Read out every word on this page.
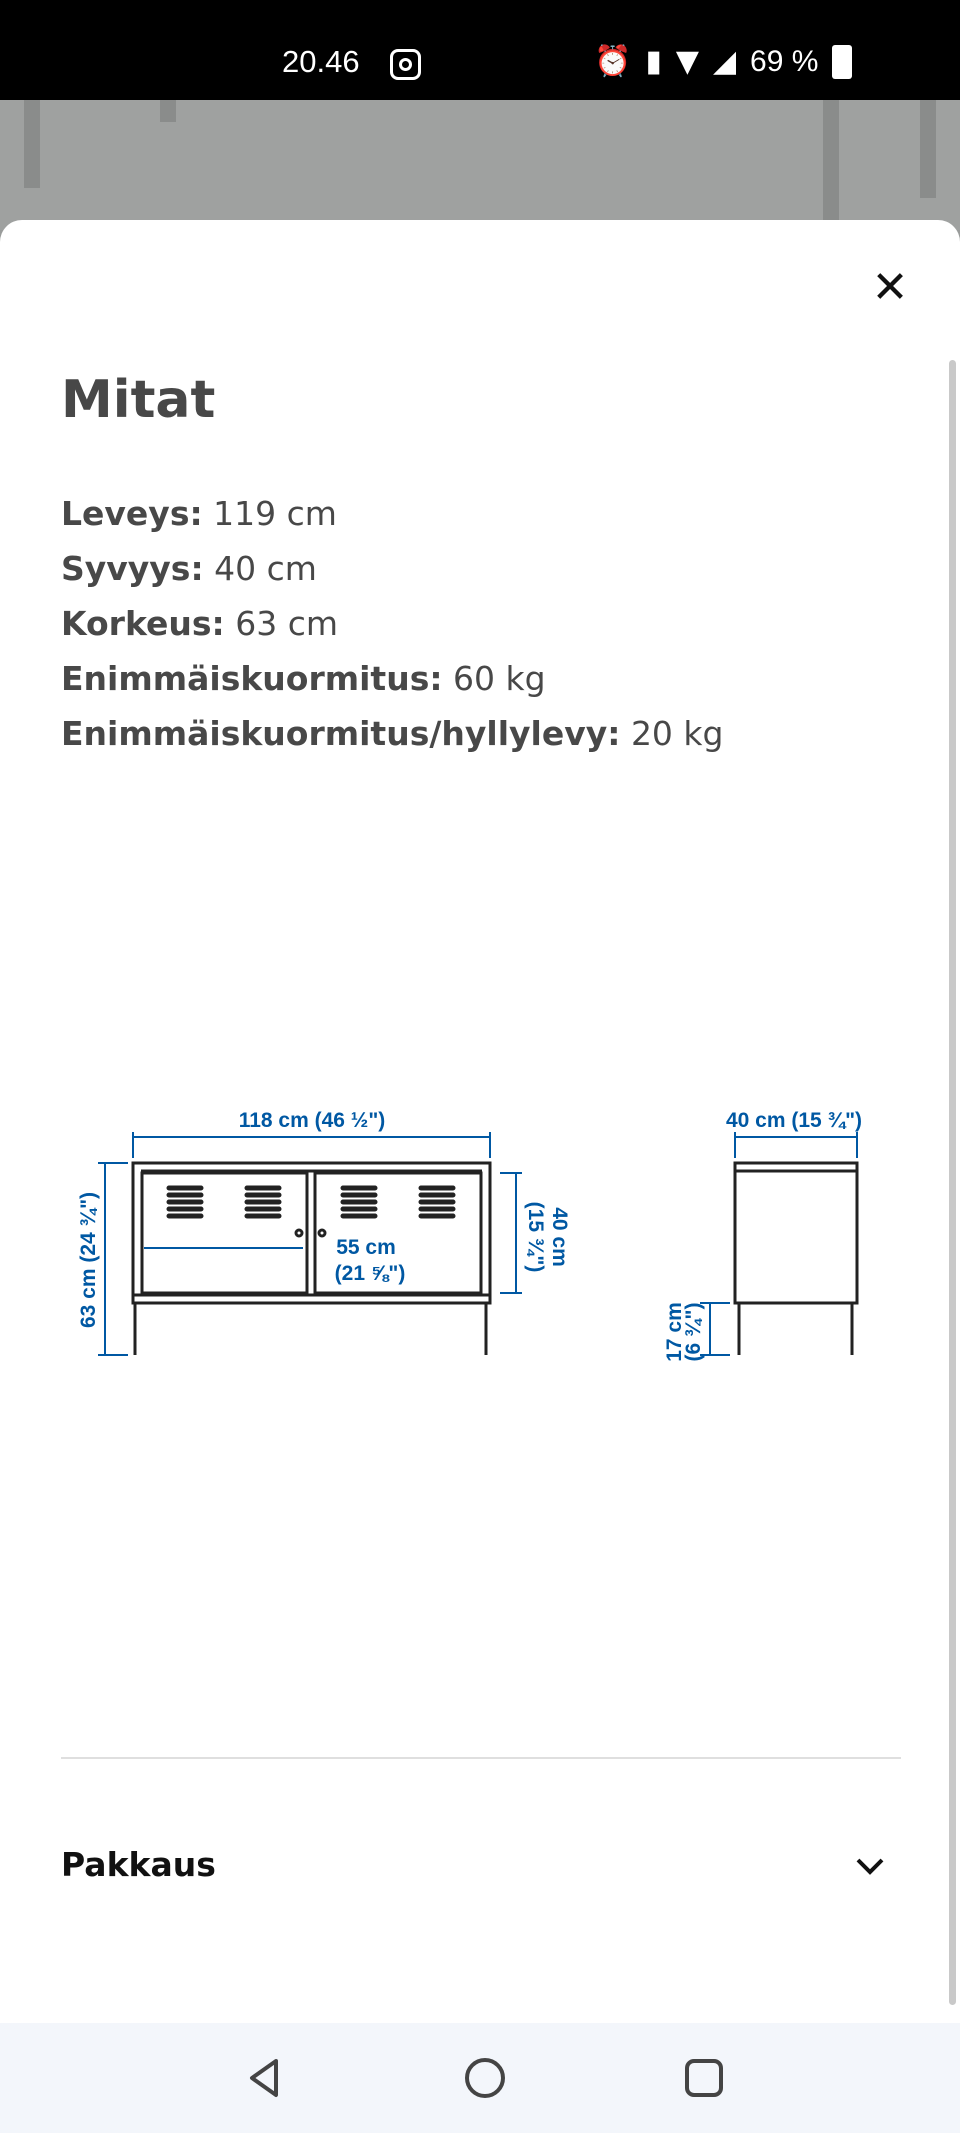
20.46	⏰ ▮ ▼ ◢ 69 %
✕
Mitat
Leveys: 119 cm
Syvyys: 40 cm
Korkeus: 63 cm
Enimmäiskuormitus: 60 kg
Enimmäiskuormitus/hyllylevy: 20 kg
118 cm (46 ½")
63 cm (24 ¾")	40 cm
(15 ¾")
55 cm
(21 ⅝")
40 cm (15 ¾")
17 cm
(6 ¾")
Pakkaus
